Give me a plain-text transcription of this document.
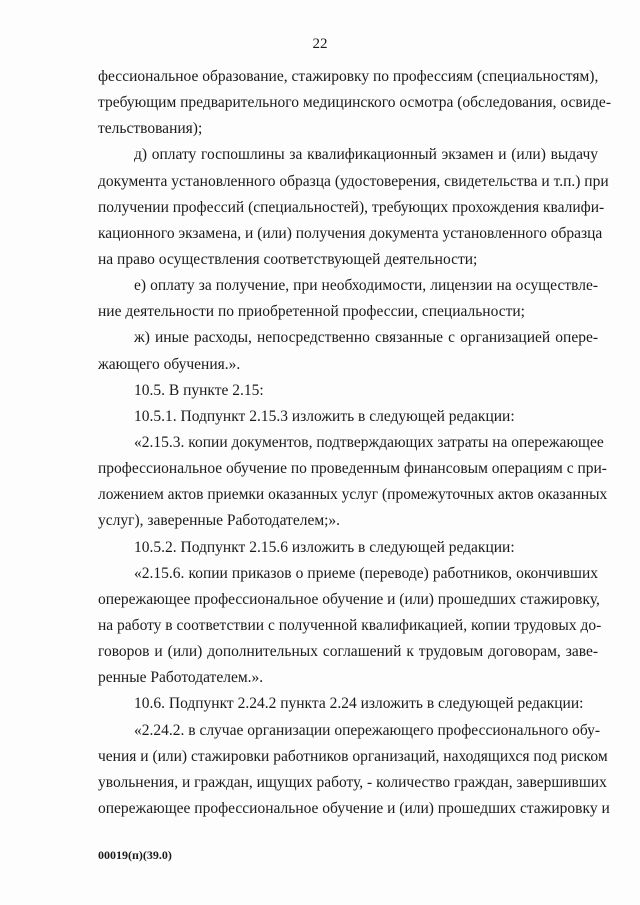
22
фессиональное образование, стажировку по профессиям (специальностям),
требующим предварительного медицинского осмотра (обследования, освиде-
тельствования);
д) оплату госпошлины за квалификационный экзамен и (или) выдачу
документа установленного образца (удостоверения, свидетельства и т.п.) при
получении профессий (специальностей), требующих прохождения квалифи-
кационного экзамена, и (или) получения документа установленного образца
на право осуществления соответствующей деятельности;
е) оплату за получение, при необходимости, лицензии на осуществле-
ние деятельности по приобретенной профессии, специальности;
ж) иные расходы, непосредственно связанные с организацией опере-
жающего обучения.».
10.5. В пункте 2.15:
10.5.1. Подпункт 2.15.3 изложить в следующей редакции:
«2.15.3. копии документов, подтверждающих затраты на опережающее
профессиональное обучение по проведенным финансовым операциям с при-
ложением актов приемки оказанных услуг (промежуточных актов оказанных
услуг), заверенные Работодателем;».
10.5.2. Подпункт 2.15.6 изложить в следующей редакции:
«2.15.6. копии приказов о приеме (переводе) работников, окончивших
опережающее профессиональное обучение и (или) прошедших стажировку,
на работу в соответствии с полученной квалификацией, копии трудовых до-
говоров и (или) дополнительных соглашений к трудовым договорам, заве-
ренные Работодателем.».
10.6. Подпункт 2.24.2 пункта 2.24 изложить в следующей редакции:
«2.24.2. в случае организации опережающего профессионального обу-
чения и (или) стажировки работников организаций, находящихся под риском
увольнения, и граждан, ищущих работу, - количество граждан, завершивших
опережающее профессиональное обучение и (или) прошедших стажировку и
00019(п)(39.0)
